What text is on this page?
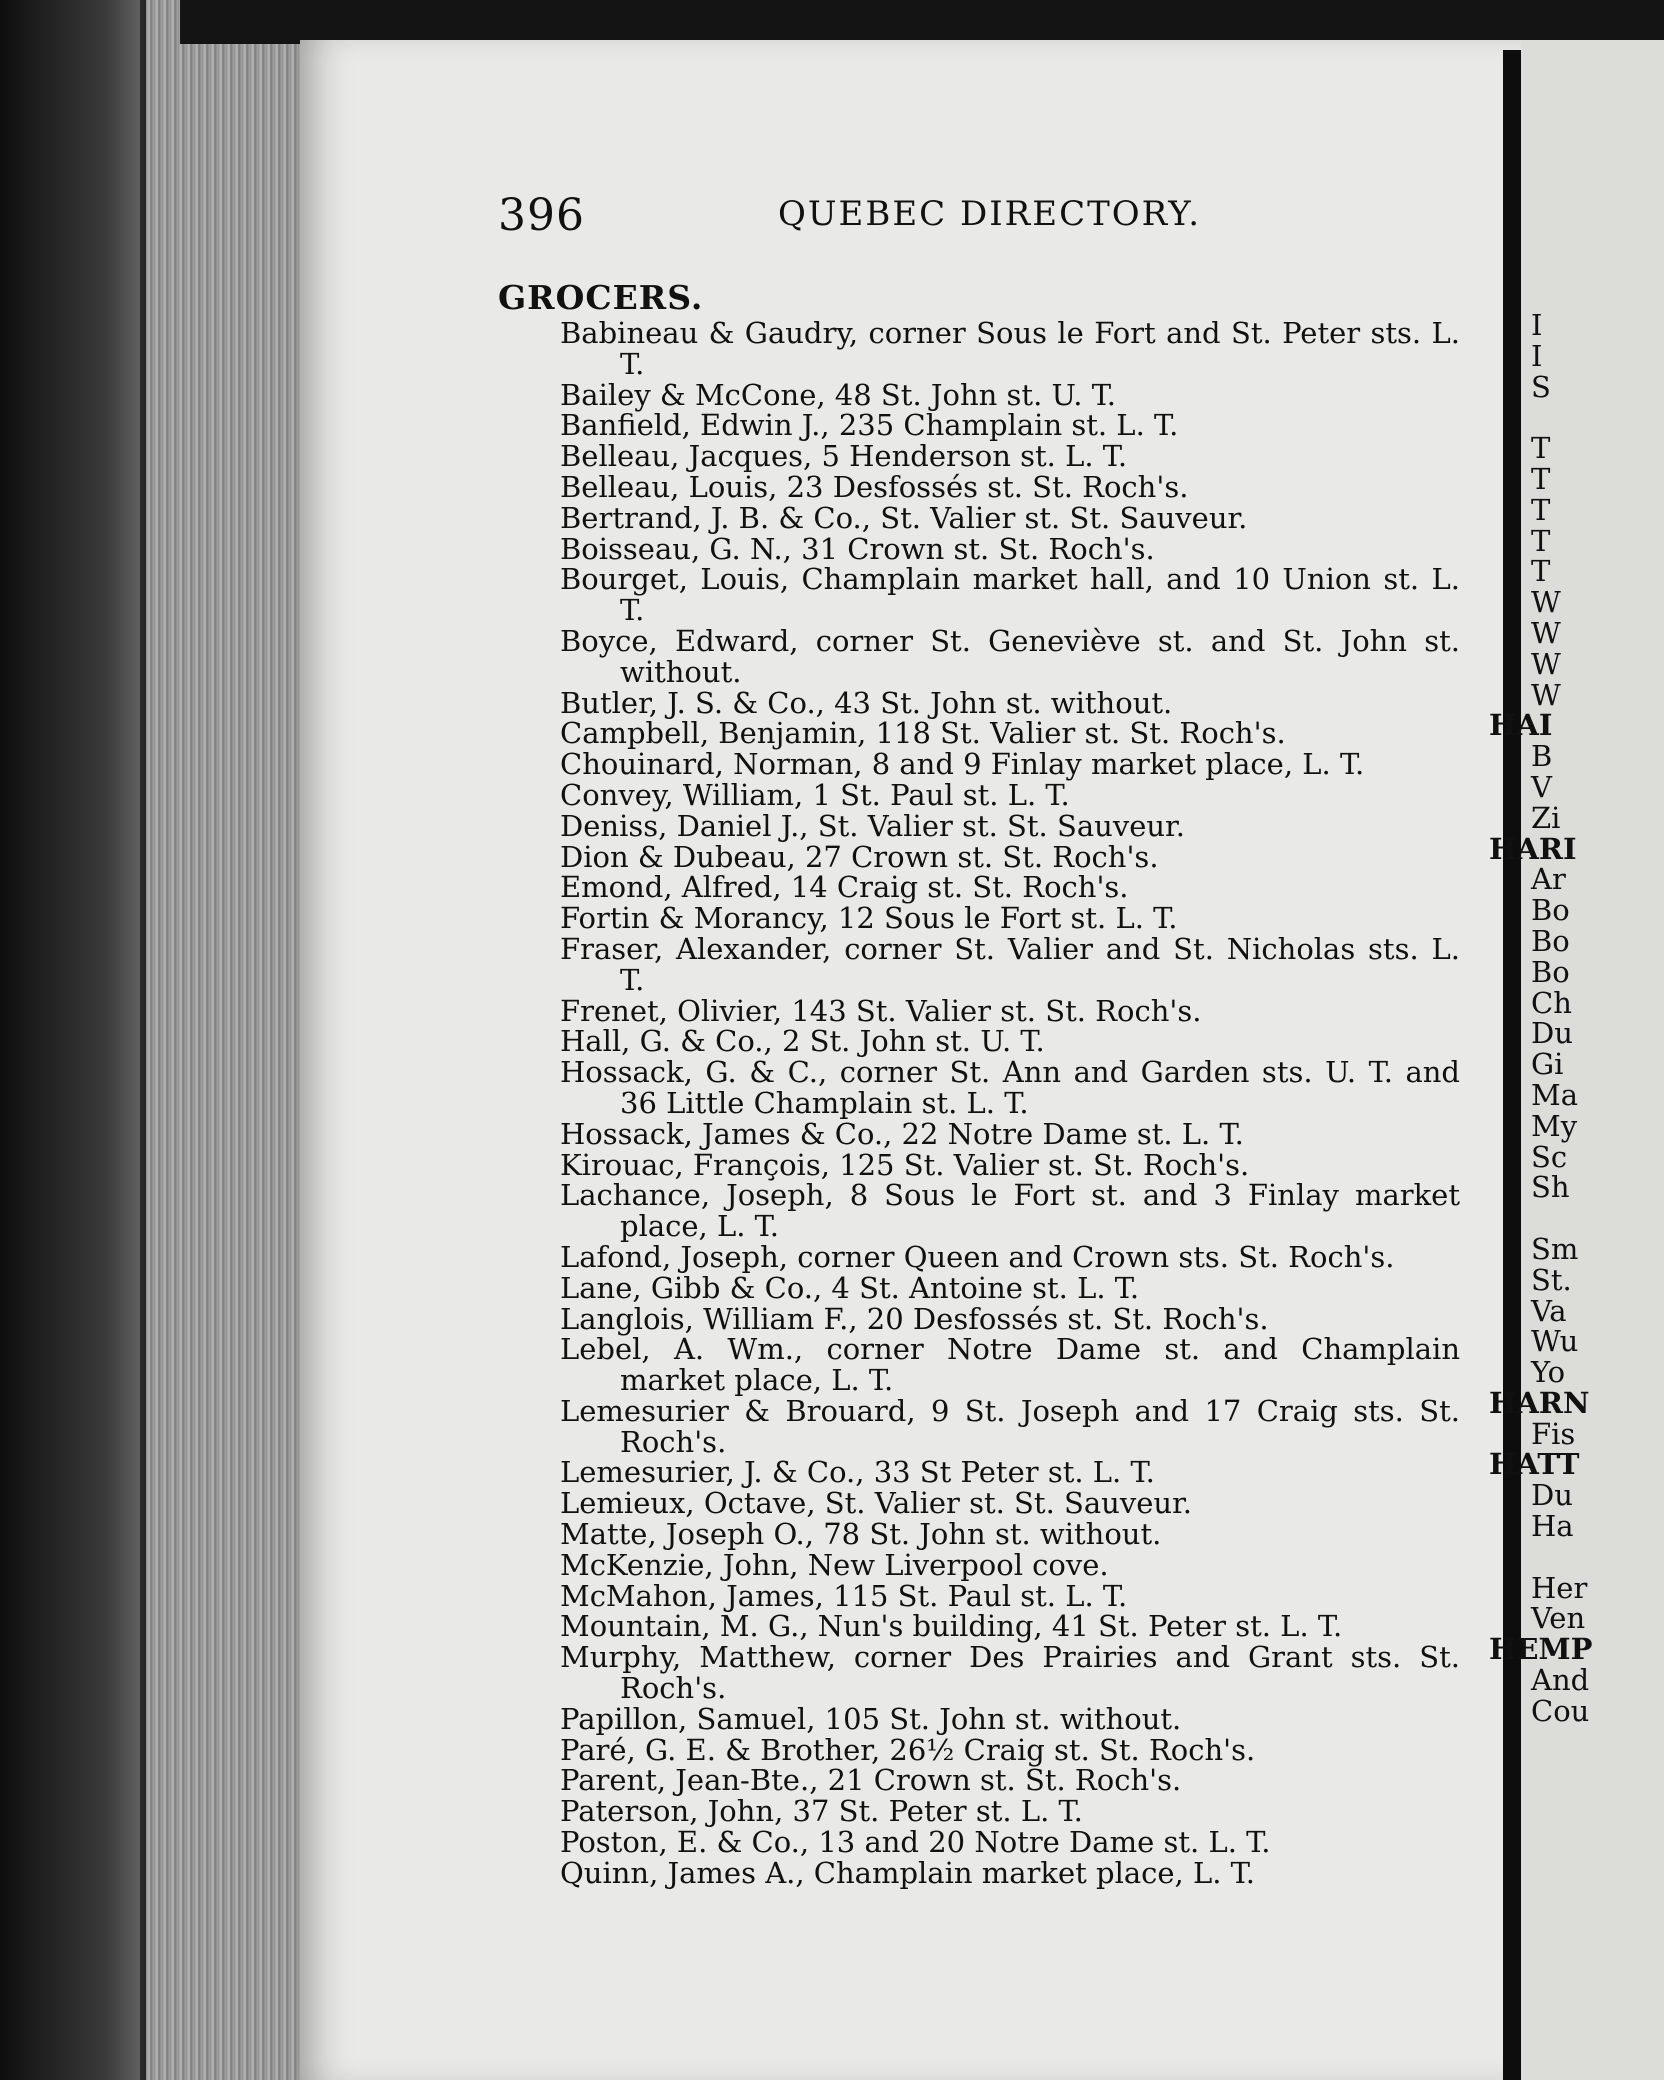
396	QUEBEC DIRECTORY.
GROCERS.
Babineau & Gaudry, corner Sous le Fort and St. Peter sts. L. T.
Bailey & McCone, 48 St. John st. U. T.
Banfield, Edwin J., 235 Champlain st. L. T.
Belleau, Jacques, 5 Henderson st. L. T.
Belleau, Louis, 23 Desfossés st. St. Roch's.
Bertrand, J. B. & Co., St. Valier st. St. Sauveur.
Boisseau, G. N., 31 Crown st. St. Roch's.
Bourget, Louis, Champlain market hall, and 10 Union st. L. T.
Boyce, Edward, corner St. Geneviève st. and St. John st. without.
Butler, J. S. & Co., 43 St. John st. without.
Campbell, Benjamin, 118 St. Valier st. St. Roch's.
Chouinard, Norman, 8 and 9 Finlay market place, L. T.
Convey, William, 1 St. Paul st. L. T.
Deniss, Daniel J., St. Valier st. St. Sauveur.
Dion & Dubeau, 27 Crown st. St. Roch's.
Emond, Alfred, 14 Craig st. St. Roch's.
Fortin & Morancy, 12 Sous le Fort st. L. T.
Fraser, Alexander, corner St. Valier and St. Nicholas sts. L. T.
Frenet, Olivier, 143 St. Valier st. St. Roch's.
Hall, G. & Co., 2 St. John st. U. T.
Hossack, G. & C., corner St. Ann and Garden sts. U. T. and 36 Little Champlain st. L. T.
Hossack, James & Co., 22 Notre Dame st. L. T.
Kirouac, François, 125 St. Valier st. St. Roch's.
Lachance, Joseph, 8 Sous le Fort st. and 3 Finlay market place, L. T.
Lafond, Joseph, corner Queen and Crown sts. St. Roch's.
Lane, Gibb & Co., 4 St. Antoine st. L. T.
Langlois, William F., 20 Desfossés st. St. Roch's.
Lebel, A. Wm., corner Notre Dame st. and Champlain market place, L. T.
Lemesurier & Brouard, 9 St. Joseph and 17 Craig sts. St. Roch's.
Lemesurier, J. & Co., 33 St Peter st. L. T.
Lemieux, Octave, St. Valier st. St. Sauveur.
Matte, Joseph O., 78 St. John st. without.
McKenzie, John, New Liverpool cove.
McMahon, James, 115 St. Paul st. L. T.
Mountain, M. G., Nun's building, 41 St. Peter st. L. T.
Murphy, Matthew, corner Des Prairies and Grant sts. St. Roch's.
Papillon, Samuel, 105 St. John st. without.
Paré, G. E. & Brother, 26½ Craig st. St. Roch's.
Parent, Jean-Bte., 21 Crown st. St. Roch's.
Paterson, John, 37 St. Peter st. L. T.
Poston, E. & Co., 13 and 20 Notre Dame st. L. T.
Quinn, James A., Champlain market place, L. T.
I
I
S

T
T
T
T
T
W
W
W
W
HAI
B
V
Zi
HARI
Ar
Bo
Bo
Bo
Ch
Du
Gi
Ma
My
Sc
Sh

Sm
St.
Va
Wu
Yo
HARN
Fis
HATT
Du
Ha

Her
Ven
HEMP
And
Cou
